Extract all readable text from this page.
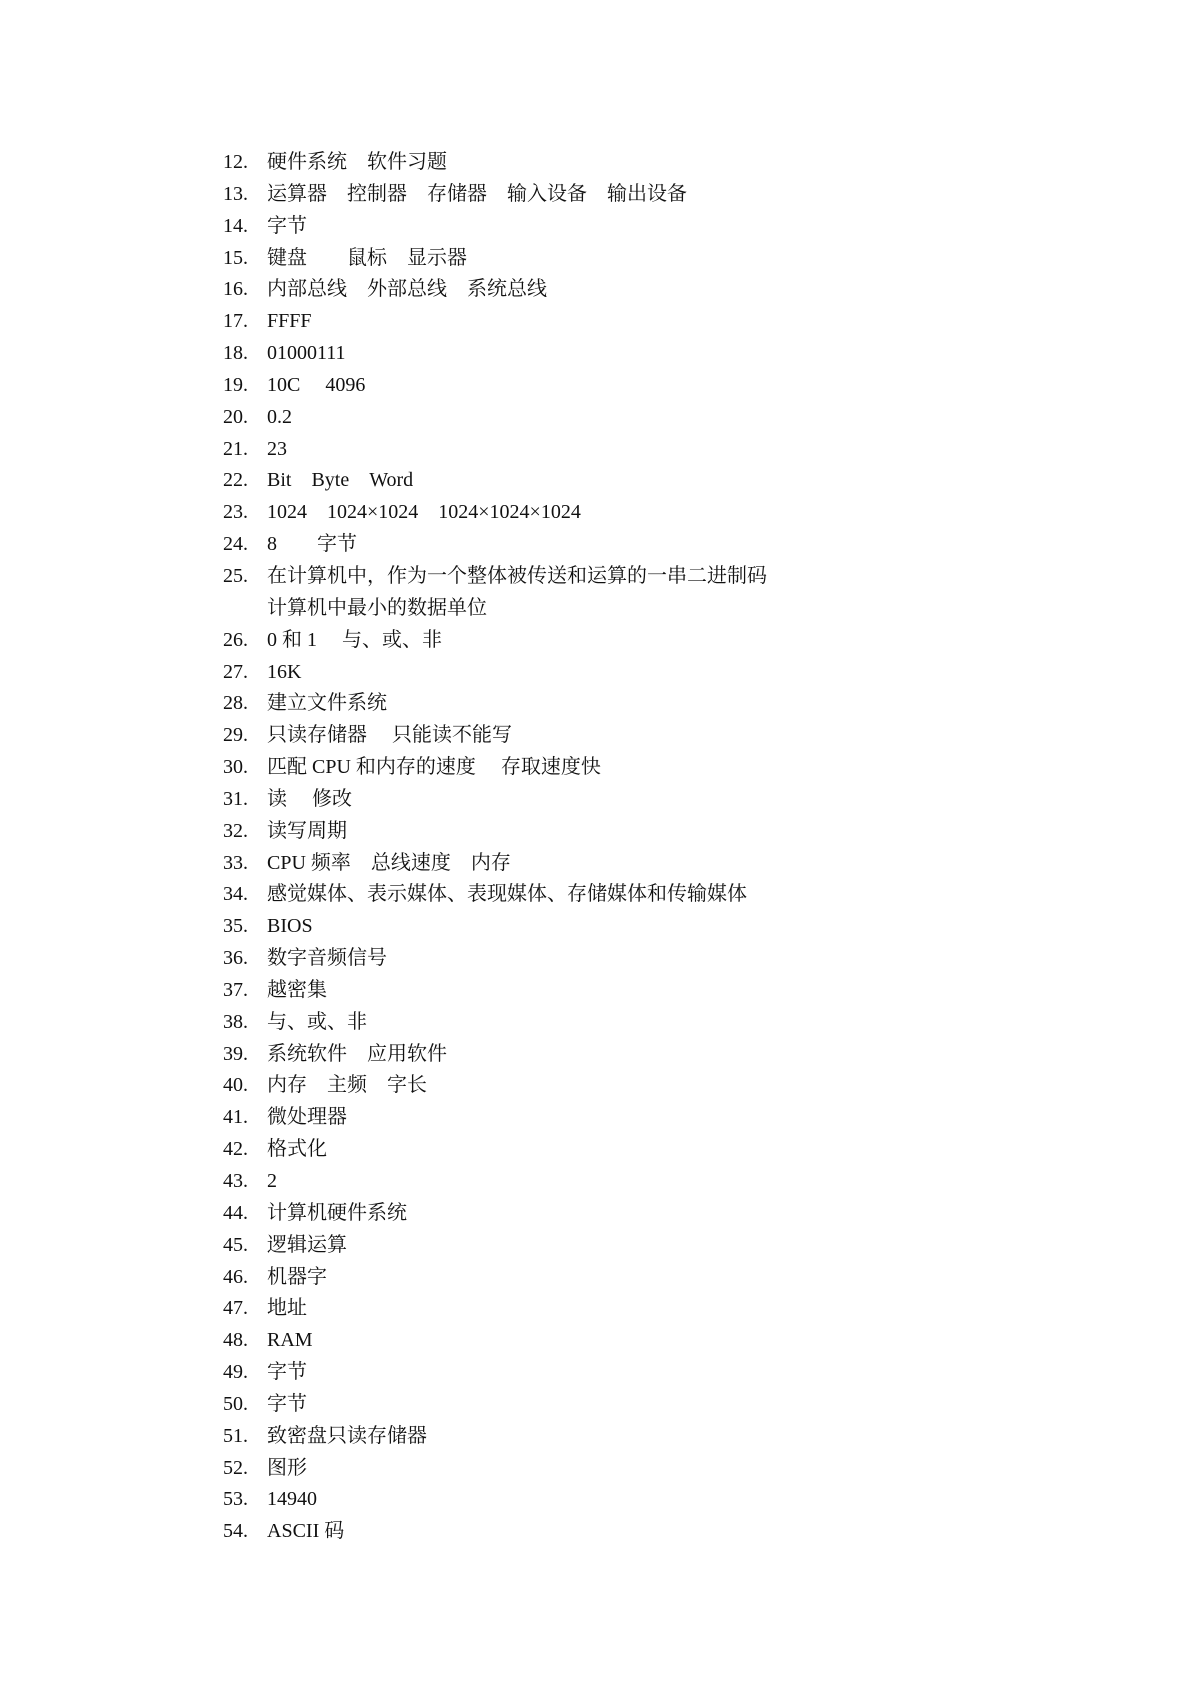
12. 硬件系统　软件习题
13. 运算器　控制器　存储器　输入设备　输出设备
14. 字节
15. 键盘　　鼠标　显示器
16. 内部总线　外部总线　系统总线
17. FFFF
18. 01000111
19. 10C　 4096
20. 0.2
21. 23
22. Bit　Byte　Word
23. 1024　1024×1024　1024×1024×1024
24. 8　　字节
25. 在计算机中，作为一个整体被传送和运算的一串二进制码
计算机中最小的数据单位
26. 0 和 1　 与、或、非
27. 16K
28. 建立文件系统
29. 只读存储器　 只能读不能写
30. 匹配 CPU 和内存的速度　 存取速度快
31. 读　 修改
32. 读写周期
33. CPU 频率　总线速度　内存
34. 感觉媒体、表示媒体、表现媒体、存储媒体和传输媒体
35. BIOS
36. 数字音频信号
37. 越密集
38. 与、或、非
39. 系统软件　应用软件
40. 内存　主频　字长
41. 微处理器
42. 格式化
43. 2
44. 计算机硬件系统
45. 逻辑运算
46. 机器字
47. 地址
48. RAM
49. 字节
50. 字节
51. 致密盘只读存储器
52. 图形
53. 14940
54. ASCII 码
